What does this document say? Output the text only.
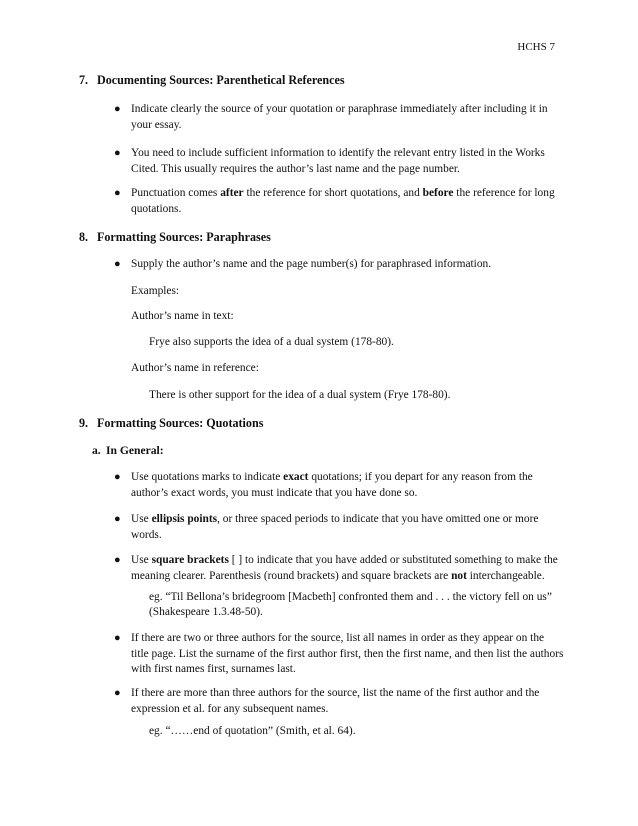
HCHS 7
7. Documenting Sources: Parenthetical References
● Indicate clearly the source of your quotation or paraphrase immediately after including it in your essay.
● You need to include sufficient information to identify the relevant entry listed in the Works Cited. This usually requires the author’s last name and the page number.
● Punctuation comes after the reference for short quotations, and before the reference for long quotations.
8. Formatting Sources: Paraphrases
● Supply the author’s name and the page number(s) for paraphrased information.
Examples:
Author’s name in text:
Frye also supports the idea of a dual system (178-80).
Author’s name in reference:
There is other support for the idea of a dual system (Frye 178-80).
9. Formatting Sources: Quotations
a. In General:
● Use quotations marks to indicate exact quotations; if you depart for any reason from the author’s exact words, you must indicate that you have done so.
● Use ellipsis points, or three spaced periods to indicate that you have omitted one or more words.
● Use square brackets [ ] to indicate that you have added or substituted something to make the meaning clearer. Parenthesis (round brackets) and square brackets are not interchangeable.
eg. “Til Bellona’s bridegroom [Macbeth] confronted them and . . . the victory fell on us”
(Shakespeare 1.3.48-50).
● If there are two or three authors for the source, list all names in order as they appear on the title page. List the surname of the first author first, then the first name, and then list the authors with first names first, surnames last.
● If there are more than three authors for the source, list the name of the first author and the expression et al. for any subsequent names.
eg. “……end of quotation” (Smith, et al. 64).
